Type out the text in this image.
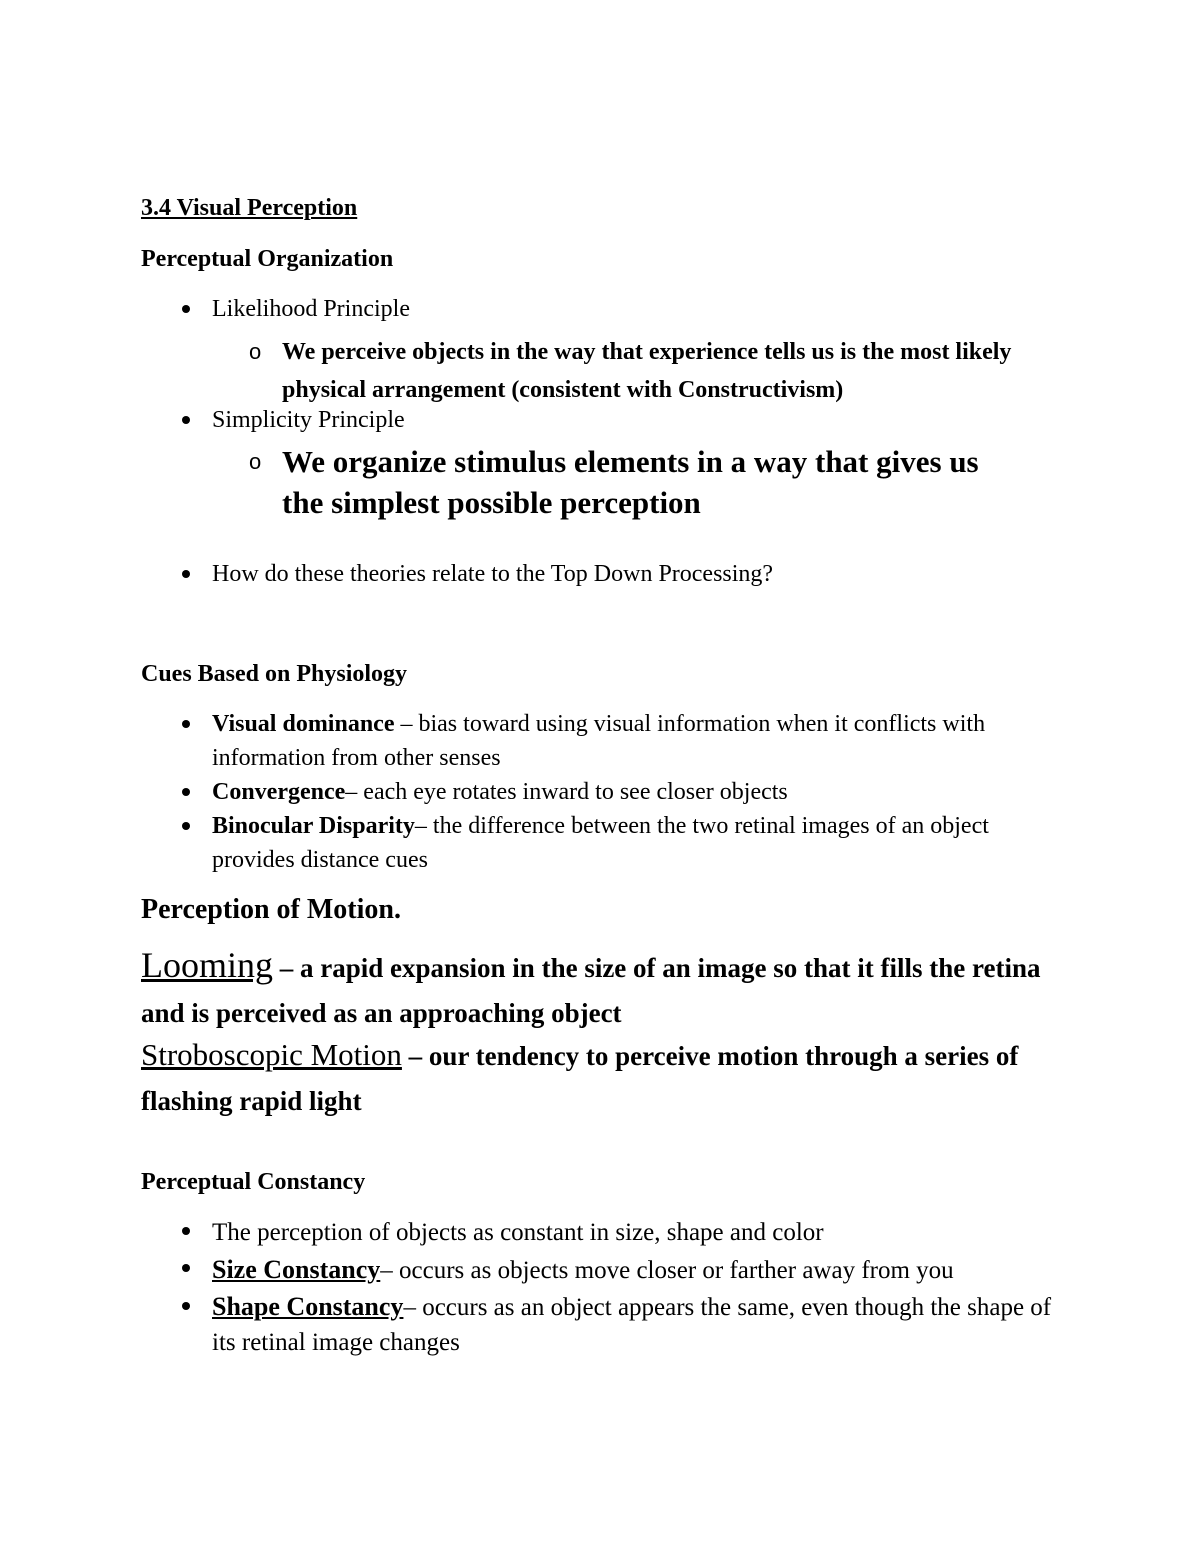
3.4 Visual Perception
Perceptual Organization
Likelihood Principle
o We perceive objects in the way that experience tells us is the most likely physical arrangement (consistent with Constructivism)
Simplicity Principle
o We organize stimulus elements in a way that gives us the simplest possible perception
How do these theories relate to the Top Down Processing?
Cues Based on Physiology
Visual dominance – bias toward using visual information when it conflicts with information from other senses
Convergence– each eye rotates inward to see closer objects
Binocular Disparity– the difference between the two retinal images of an object provides distance cues
Perception of Motion.
Looming – a rapid expansion in the size of an image so that it fills the retina and is perceived as an approaching object
Stroboscopic Motion – our tendency to perceive motion through a series of flashing rapid light
Perceptual Constancy
The perception of objects as constant in size, shape and color
Size Constancy– occurs as objects move closer or farther away from you
Shape Constancy– occurs as an object appears the same, even though the shape of its retinal image changes
